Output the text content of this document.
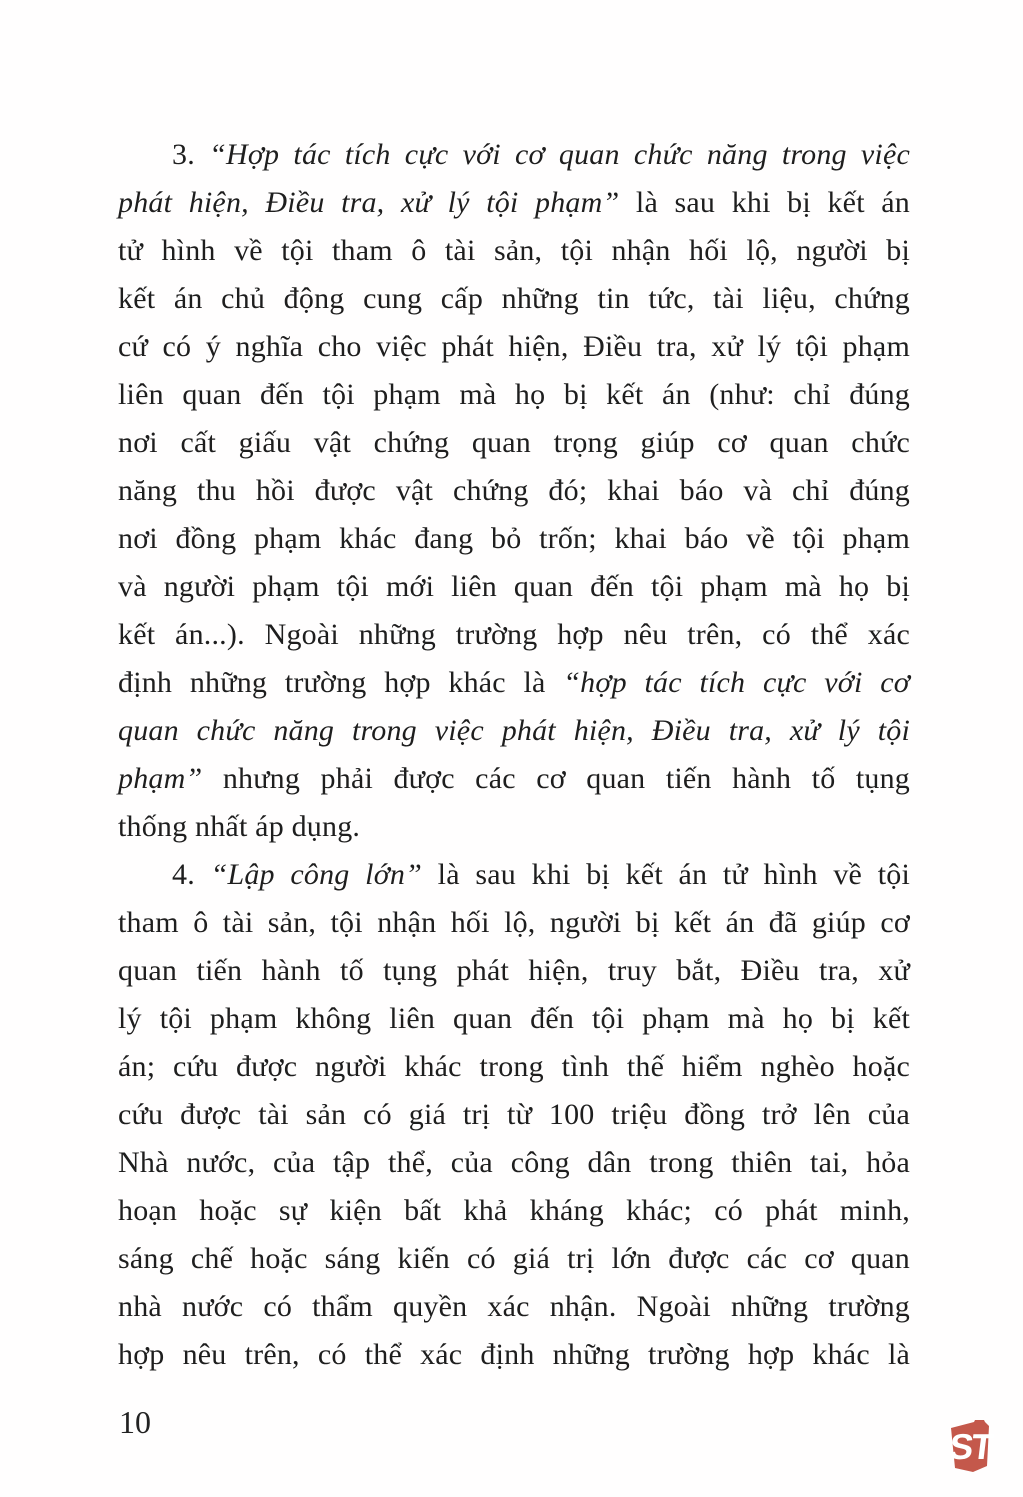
3. “Hợp tác tích cực với cơ quan chức năng trong việc
phát hiện, Điều tra, xử lý tội phạm” là sau khi bị kết án
tử hình về tội tham ô tài sản, tội nhận hối lộ, người bị
kết án chủ động cung cấp những tin tức, tài liệu, chứng
cứ có ý nghĩa cho việc phát hiện, Điều tra, xử lý tội phạm
liên quan đến tội phạm mà họ bị kết án (như: chỉ đúng
nơi cất giấu vật chứng quan trọng giúp cơ quan chức
năng thu hồi được vật chứng đó; khai báo và chỉ đúng
nơi đồng phạm khác đang bỏ trốn; khai báo về tội phạm
và người phạm tội mới liên quan đến tội phạm mà họ bị
kết án...). Ngoài những trường hợp nêu trên, có thể xác
định những trường hợp khác là “hợp tác tích cực với cơ
quan chức năng trong việc phát hiện, Điều tra, xử lý tội
phạm” nhưng phải được các cơ quan tiến hành tố tụng
thống nhất áp dụng.
4. “Lập công lớn” là sau khi bị kết án tử hình về tội
tham ô tài sản, tội nhận hối lộ, người bị kết án đã giúp cơ
quan tiến hành tố tụng phát hiện, truy bắt, Điều tra, xử
lý tội phạm không liên quan đến tội phạm mà họ bị kết
án; cứu được người khác trong tình thế hiểm nghèo hoặc
cứu được tài sản có giá trị từ 100 triệu đồng trở lên của
Nhà nước, của tập thể, của công dân trong thiên tai, hỏa
hoạn hoặc sự kiện bất khả kháng khác; có phát minh,
sáng chế hoặc sáng kiến có giá trị lớn được các cơ quan
nhà nước có thẩm quyền xác nhận. Ngoài những trường
hợp nêu trên, có thể xác định những trường hợp khác là
10
ST
